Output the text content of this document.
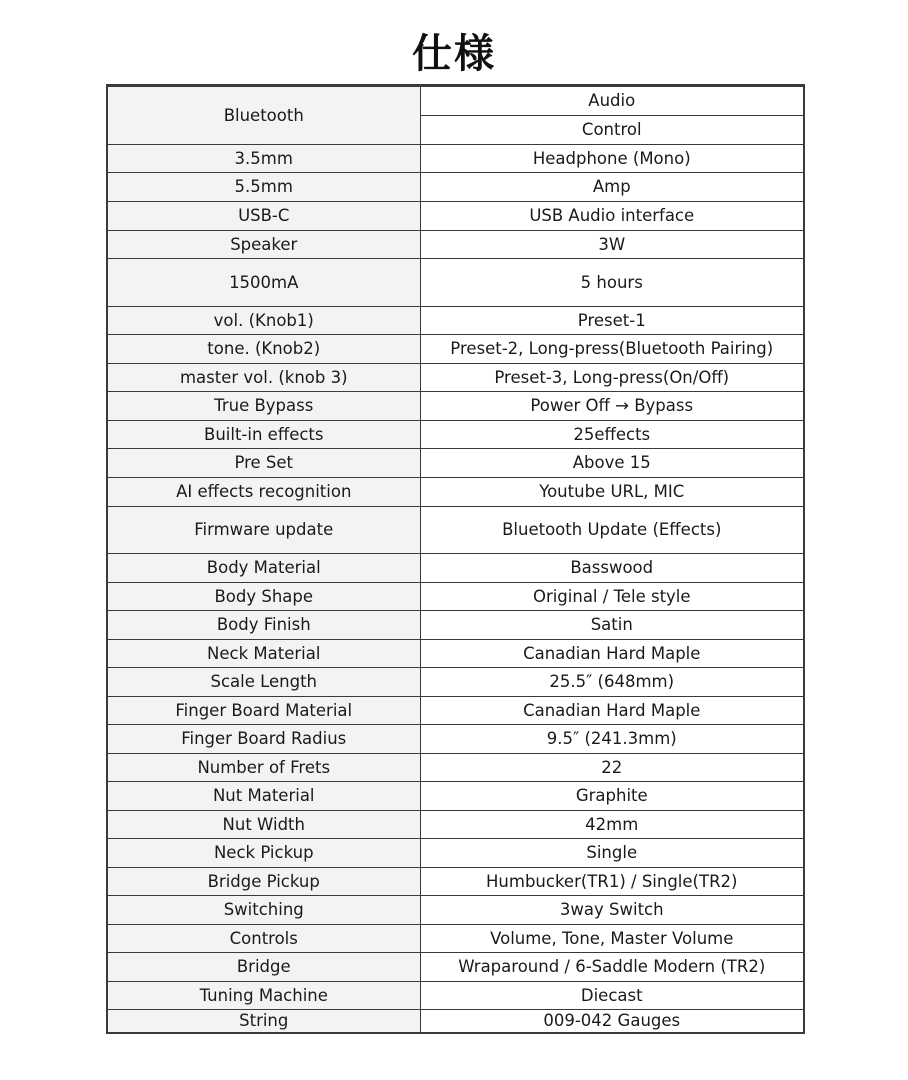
仕様
Bluetooth	Audio
	Control
3.5mm	Headphone (Mono)
5.5mm	Amp
USB-C	USB Audio interface
Speaker	3W
1500mA	5 hours
vol. (Knob1)	Preset-1
tone. (Knob2)	Preset-2, Long-press(Bluetooth Pairing)
master vol. (knob 3)	Preset-3, Long-press(On/Off)
True Bypass	Power Off → Bypass
Built-in effects	25effects
Pre Set	Above 15
AI effects recognition	Youtube URL, MIC
Firmware update	Bluetooth Update (Effects)
Body Material	Basswood
Body Shape	Original / Tele style
Body Finish	Satin
Neck Material	Canadian Hard Maple
Scale Length	25.5″ (648mm)
Finger Board Material	Canadian Hard Maple
Finger Board Radius	9.5″ (241.3mm)
Number of Frets	22
Nut Material	Graphite
Nut Width	42mm
Neck Pickup	Single
Bridge Pickup	Humbucker(TR1) / Single(TR2)
Switching	3way Switch
Controls	Volume, Tone, Master Volume
Bridge	Wraparound / 6-Saddle Modern (TR2)
Tuning Machine	Diecast
String	009-042 Gauges
